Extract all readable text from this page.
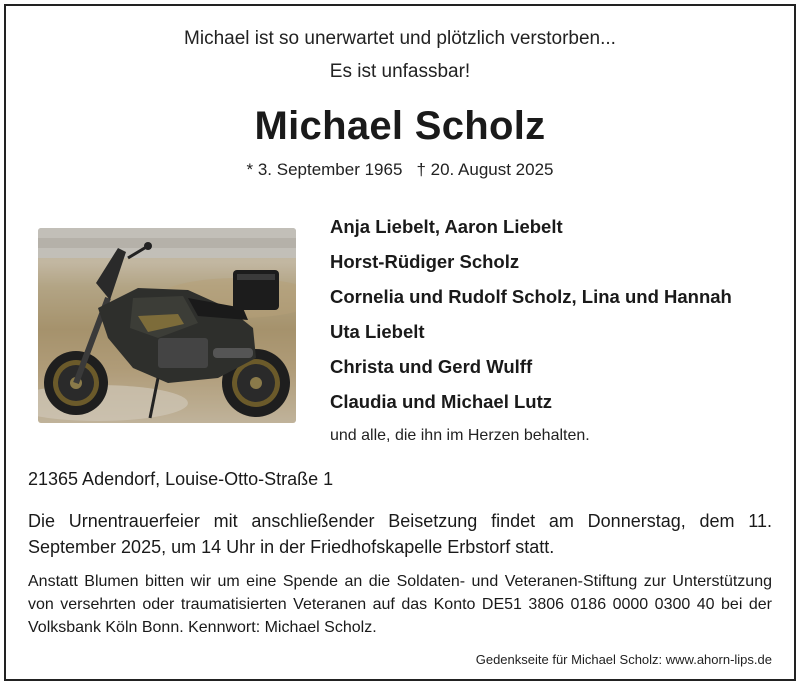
Michael ist so unerwartet und plötzlich verstorben...
Es ist unfassbar!
Michael Scholz
* 3. September 1965 † 20. August 2025
Anja Liebelt, Aaron Liebelt
Horst-Rüdiger Scholz
Cornelia und Rudolf Scholz, Lina und Hannah
Uta Liebelt
Christa und Gerd Wulff
Claudia und Michael Lutz
und alle, die ihn im Herzen behalten.
21365 Adendorf, Louise-Otto-Straße 1
Die Urnentrauerfeier mit anschließender Beisetzung findet am Donnerstag, dem 11. September 2025, um 14 Uhr in der Friedhofskapelle Erbstorf statt.
Anstatt Blumen bitten wir um eine Spende an die Soldaten- und Veteranen-Stiftung zur Unterstützung von versehrten oder traumatisierten Veteranen auf das Konto DE51 3806 0186 0000 0300 40 bei der Volksbank Köln Bonn. Kennwort: Michael Scholz.
Gedenkseite für Michael Scholz: www.ahorn-lips.de
